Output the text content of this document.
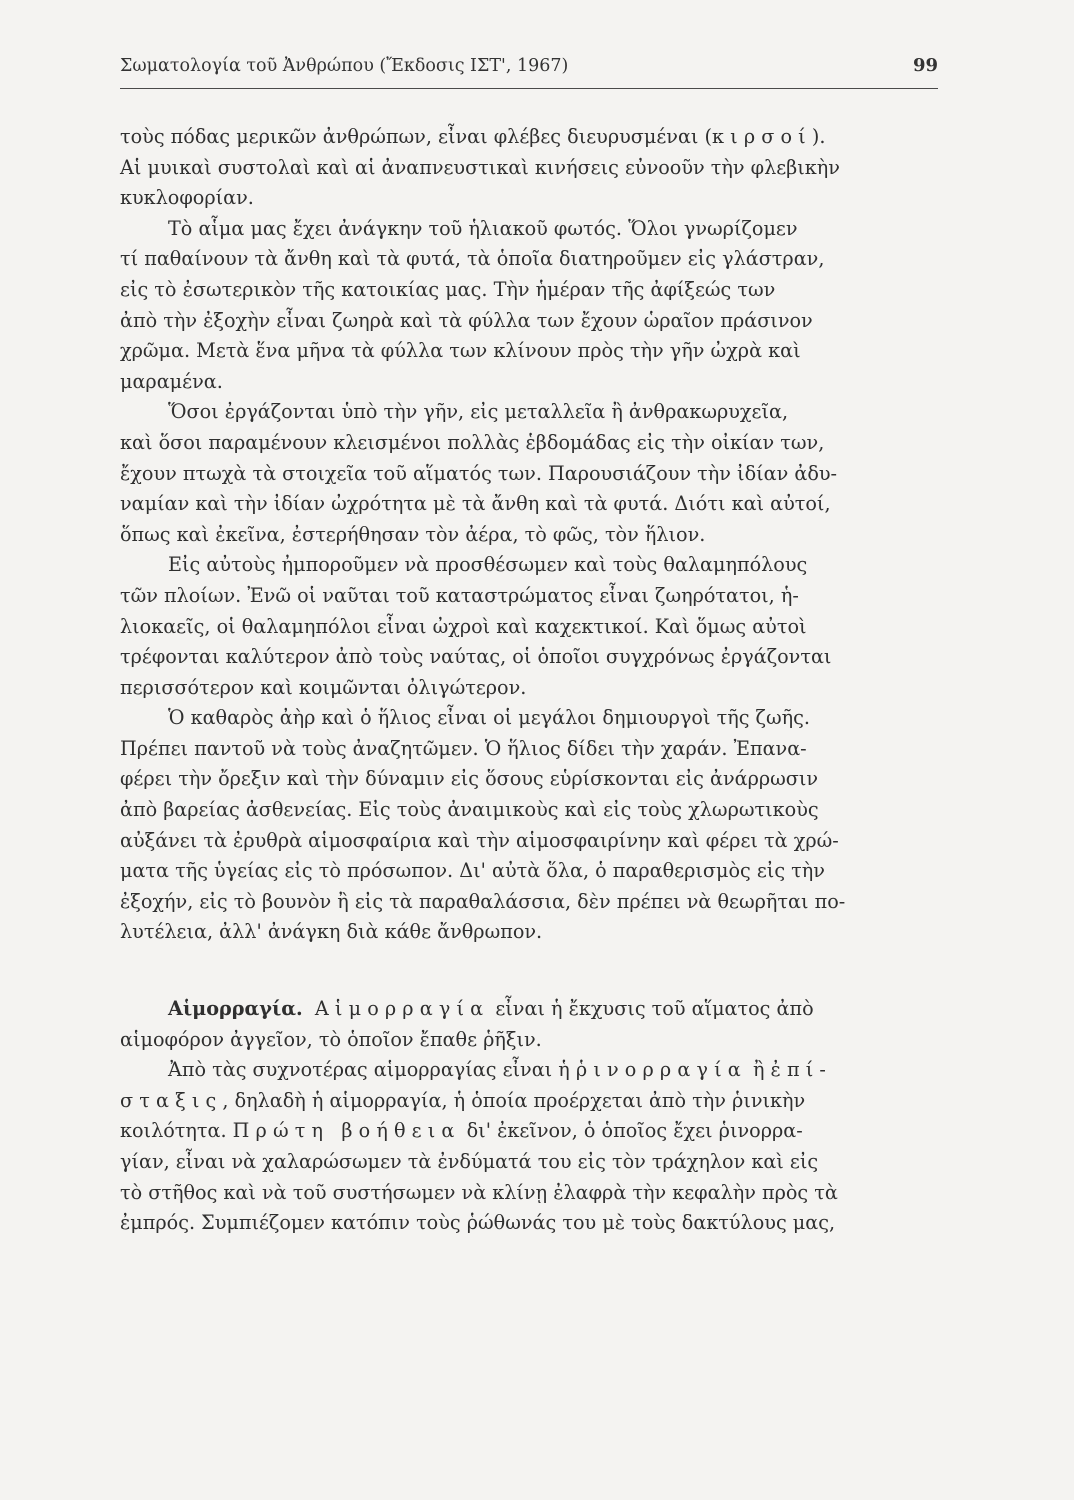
Σωματολογία τοῦ Ἀνθρώπου (Ἔκδοσις ΙΣΤ', 1967)	99
τοὺς πόδας μερικῶν ἀνθρώπων, εἶναι φλέβες διευρυσμέναι (κιρσοί).
Αἱ μυικαὶ συστολαὶ καὶ αἱ ἀναπνευστικαὶ κινήσεις εὐνοοῦν τὴν φλεβικὴν
κυκλοφορίαν.
Τὸ αἷμα μας ἔχει ἀνάγκην τοῦ ἡλιακοῦ φωτός. Ὅλοι γνωρίζομεν
τί παθαίνουν τὰ ἄνθη καὶ τὰ φυτά, τὰ ὁποῖα διατηροῦμεν εἰς γλάστραν,
εἰς τὸ ἐσωτερικὸν τῆς κατοικίας μας. Τὴν ἡμέραν τῆς ἀφίξεώς των
ἀπὸ τὴν ἐξοχὴν εἶναι ζωηρὰ καὶ τὰ φύλλα των ἔχουν ὡραῖον πράσινον
χρῶμα. Μετὰ ἕνα μῆνα τὰ φύλλα των κλίνουν πρὸς τὴν γῆν ὠχρὰ καὶ
μαραμένα.
Ὅσοι ἐργάζονται ὑπὸ τὴν γῆν, εἰς μεταλλεῖα ἢ ἀνθρακωρυχεῖα,
καὶ ὅσοι παραμένουν κλεισμένοι πολλὰς ἑβδομάδας εἰς τὴν οἰκίαν των,
ἔχουν πτωχὰ τὰ στοιχεῖα τοῦ αἵματός των. Παρουσιάζουν τὴν ἰδίαν ἀδυ-
ναμίαν καὶ τὴν ἰδίαν ὠχρότητα μὲ τὰ ἄνθη καὶ τὰ φυτά. Διότι καὶ αὐτοί,
ὅπως καὶ ἐκεῖνα, ἐστερήθησαν τὸν ἀέρα, τὸ φῶς, τὸν ἥλιον.
Εἰς αὐτοὺς ἠμποροῦμεν νὰ προσθέσωμεν καὶ τοὺς θαλαμηπόλους
τῶν πλοίων. Ἐνῶ οἱ ναῦται τοῦ καταστρώματος εἶναι ζωηρότατοι, ἡ-
λιοκαεῖς, οἱ θαλαμηπόλοι εἶναι ὠχροὶ καὶ καχεκτικοί. Καὶ ὅμως αὐτοὶ
τρέφονται καλύτερον ἀπὸ τοὺς ναύτας, οἱ ὁποῖοι συγχρόνως ἐργάζονται
περισσότερον καὶ κοιμῶνται ὀλιγώτερον.
Ὁ καθαρὸς ἀὴρ καὶ ὁ ἥλιος εἶναι οἱ μεγάλοι δημιουργοὶ τῆς ζωῆς.
Πρέπει παντοῦ νὰ τοὺς ἀναζητῶμεν. Ὁ ἥλιος δίδει τὴν χαράν. Ἐπανα-
φέρει τὴν ὄρεξιν καὶ τὴν δύναμιν εἰς ὅσους εὑρίσκονται εἰς ἀνάρρωσιν
ἀπὸ βαρείας ἀσθενείας. Εἰς τοὺς ἀναιμικοὺς καὶ εἰς τοὺς χλωρωτικοὺς
αὐξάνει τὰ ἐρυθρὰ αἱμοσφαίρια καὶ τὴν αἱμοσφαιρίνην καὶ φέρει τὰ χρώ-
ματα τῆς ὑγείας εἰς τὸ πρόσωπον. Δι' αὐτὰ ὅλα, ὁ παραθερισμὸς εἰς τὴν
ἐξοχήν, εἰς τὸ βουνὸν ἢ εἰς τὰ παραθαλάσσια, δὲν πρέπει νὰ θεωρῆται πο-
λυτέλεια, ἀλλ' ἀνάγκη διὰ κάθε ἄνθρωπον.
Αἱμορραγία. Αἱμορραγία εἶναι ἡ ἔκχυσις τοῦ αἵματος ἀπὸ
αἱμοφόρον ἀγγεῖον, τὸ ὁποῖον ἔπαθε ῥῆξιν.
Ἀπὸ τὰς συχνοτέρας αἱμορραγίας εἶναι ἡ ῥινορραγία ἢ ἐπί-
σταξις, δηλαδὴ ἡ αἱμορραγία, ἡ ὁποία προέρχεται ἀπὸ τὴν ῥινικὴν
κοιλότητα. Πρώτη βοήθεια δι' ἐκεῖνον, ὁ ὁποῖος ἔχει ῥινορρα-
γίαν, εἶναι νὰ χαλαρώσωμεν τὰ ἐνδύματά του εἰς τὸν τράχηλον καὶ εἰς
τὸ στῆθος καὶ νὰ τοῦ συστήσωμεν νὰ κλίνῃ ἐλαφρὰ τὴν κεφαλὴν πρὸς τὰ
ἐμπρός. Συμπιέζομεν κατόπιν τοὺς ῥώθωνάς του μὲ τοὺς δακτύλους μας,
